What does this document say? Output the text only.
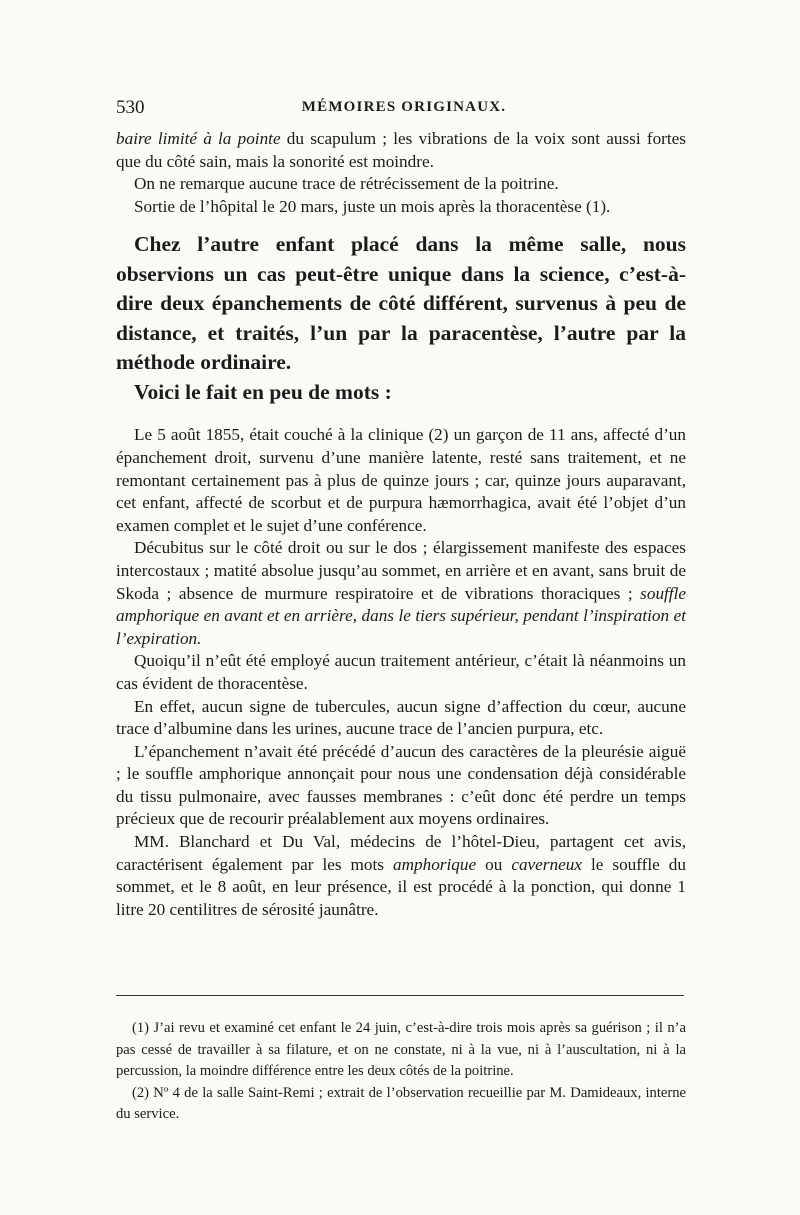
530	MÉMOIRES ORIGINAUX.

baire limité à la pointe du scapulum ; les vibrations de la voix sont aussi fortes que du côté sain, mais la sonorité est moindre.

On ne remarque aucune trace de rétrécissement de la poitrine.

Sortie de l’hôpital le 20 mars, juste un mois après la thoracentèse (1).

Chez l’autre enfant placé dans la même salle, nous observions un cas peut-être unique dans la science, c’est-à-dire deux épanchements de côté différent, survenus à peu de distance, et traités, l’un par la paracentèse, l’autre par la méthode ordinaire.

Voici le fait en peu de mots :

Le 5 août 1855, était couché à la clinique (2) un garçon de 11 ans, affecté d’un épanchement droit, survenu d’une manière latente, resté sans traitement, et ne remontant certainement pas à plus de quinze jours ; car, quinze jours auparavant, cet enfant, affecté de scorbut et de purpura hæmorrhagica, avait été l’objet d’un examen complet et le sujet d’une conférence.

Décubitus sur le côté droit ou sur le dos ; élargissement manifeste des espaces intercostaux ; matité absolue jusqu’au sommet, en arrière et en avant, sans bruit de Skoda ; absence de murmure respiratoire et de vibrations thoraciques ; souffle amphorique en avant et en arrière, dans le tiers supérieur, pendant l’inspiration et l’expiration.

Quoiqu’il n’eût été employé aucun traitement antérieur, c’était là néanmoins un cas évident de thoracentèse.

En effet, aucun signe de tubercules, aucun signe d’affection du cœur, aucune trace d’albumine dans les urines, aucune trace de l’ancien purpura, etc.

L’épanchement n’avait été précédé d’aucun des caractères de la pleurésie aiguë ; le souffle amphorique annonçait pour nous une condensation déjà considérable du tissu pulmonaire, avec fausses membranes : c’eût donc été perdre un temps précieux que de recourir préalablement aux moyens ordinaires.

MM. Blanchard et Du Val, médecins de l’hôtel-Dieu, partagent cet avis, caractérisent également par les mots amphorique ou caverneux le souffle du sommet, et le 8 août, en leur présence, il est procédé à la ponction, qui donne 1 litre 20 centilitres de sérosité jaunâtre.

(1) J’ai revu et examiné cet enfant le 24 juin, c’est-à-dire trois mois après sa guérison ; il n’a pas cessé de travailler à sa filature, et on ne constate, ni à la vue, ni à l’auscultation, ni à la percussion, la moindre différence entre les deux côtés de la poitrine.

(2) Nº 4 de la salle Saint-Remi ; extrait de l’observation recueillie par M. Damideaux, interne du service.
